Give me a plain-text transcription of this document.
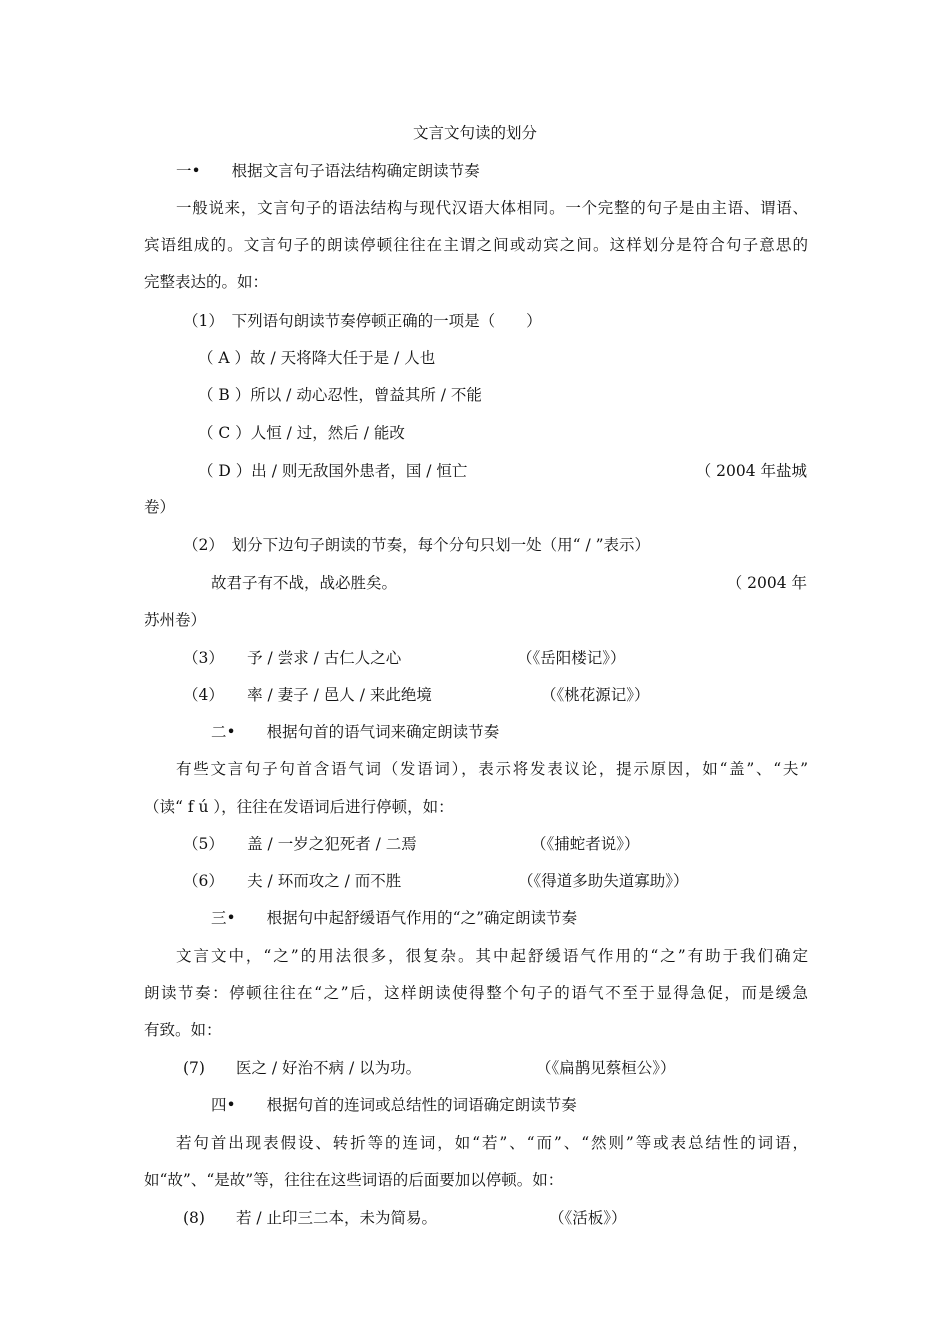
文言文句读的划分
一•　　根据文言句子语法结构确定朗读节奏
一般说来，文言句子的语法结构与现代汉语大体相同。一个完整的句子是由主语、谓语、
宾语组成的。文言句子的朗读停顿往往在主谓之间或动宾之间。这样划分是符合句子意思的
完整表达的。如：
（1）　下列语句朗读节奏停顿正确的一项是（　　）
（ A ）故 / 天将降大任于是 / 人也
（ B ）所以 / 动心忍性，曾益其所 / 不能
（ C ）人恒 / 过，然后 / 能改
（ D ）出 / 则无敌国外患者，国 / 恒亡	（ 2004 年盐城
卷）
（2）　划分下边句子朗读的节奏，每个分句只划一处（用“ / ”表示）
故君子有不战，战必胜矣。	（ 2004 年
苏州卷）
（3）　　予 / 尝求 / 古仁人之心	（《岳阳楼记》）
（4）　　率 / 妻子 / 邑人 / 来此绝境	（《桃花源记》）
二•　　根据句首的语气词来确定朗读节奏
有些文言句子句首含语气词（发语词），表示将发表议论，提示原因，如“盖”、“夫”
（读“ f ú ），往往在发语词后进行停顿，如：
（5）　　盖 / 一岁之犯死者 / 二焉	（《捕蛇者说》）
（6）　　夫 / 环而攻之 / 而不胜	（《得道多助失道寡助》）
三•　　根据句中起舒缓语气作用的“之”确定朗读节奏
文言文中，“之”的用法很多，很复杂。其中起舒缓语气作用的“之”有助于我们确定
朗读节奏：停顿往往在“之”后，这样朗读使得整个句子的语气不至于显得急促，而是缓急
有致。如：
(7)　　医之 / 好治不病 / 以为功。	（《扁鹊见蔡桓公》）
四•　　根据句首的连词或总结性的词语确定朗读节奏
若句首出现表假设、转折等的连词，如“若”、“而”、“然则”等或表总结性的词语，
如“故”、“是故”等，往往在这些词语的后面要加以停顿。如：
(8)　　若 / 止印三二本，未为简易。	（《活板》）
